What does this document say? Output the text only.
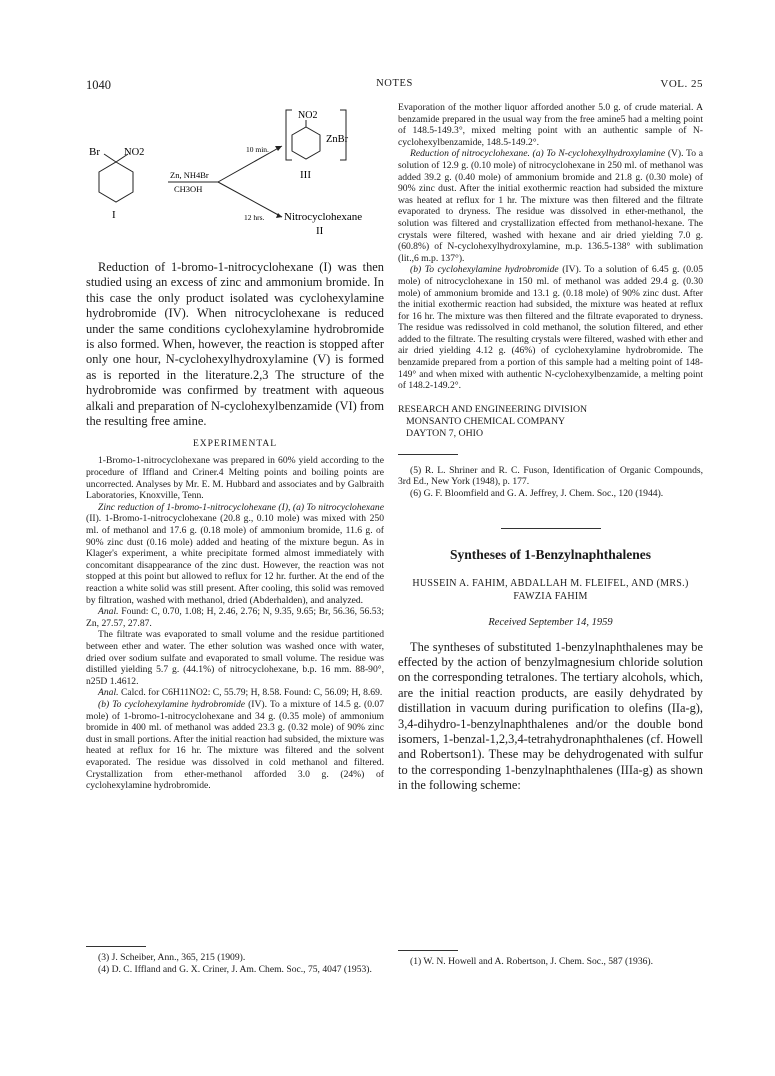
1040	NOTES	VOL. 25
Br NO2
I
Zn, NH4Br
CH3OH
10 min.
12 hrs.
NO2
ZnBr
III
Nitrocyclohexane
II

Reduction of 1-bromo-1-nitrocyclohexane (I) was then studied using an excess of zinc and ammonium bromide. In this case the only product isolated was cyclohexylamine hydrobromide (IV). When nitrocyclohexane is reduced under the same conditions cyclohexylamine hydrobromide is also formed. When, however, the reaction is stopped after only one hour, N-cyclohexylhydroxylamine (V) is formed as is reported in the literature.2,3 The structure of the hydrobromide was confirmed by treatment with aqueous alkali and preparation of N-cyclohexylbenzamide (VI) from the resulting free amine.

EXPERIMENTAL

1-Bromo-1-nitrocyclohexane was prepared in 60% yield according to the procedure of Iffland and Criner.4 Melting points and boiling points are uncorrected. Analyses by Mr. E. M. Hubbard and associates and by Galbraith Laboratories, Knoxville, Tenn.

Zinc reduction of 1-bromo-1-nitrocyclohexane (I), (a) To nitrocyclohexane (II). 1-Bromo-1-nitrocyclohexane (20.8 g., 0.10 mole) was mixed with 250 ml. of methanol and 17.6 g. (0.18 mole) of ammonium bromide, 11.6 g. of 90% zinc dust (0.16 mole) added and heating of the mixture begun. As in Klager's experiment, a white precipitate formed almost immediately with concomitant disappearance of the zinc dust. However, the reaction was not stopped at this point but allowed to reflux for 12 hr. further. At the end of the reaction a white solid was still present. After cooling, this solid was removed by filtration, washed with methanol, dried (Abderhalden), and analyzed.

Anal. Found: C, 0.70, 1.08; H, 2.46, 2.76; N, 9.35, 9.65; Br, 56.36, 56.53; Zn, 27.57, 27.87.

The filtrate was evaporated to small volume and the residue partitioned between ether and water. The ether solution was washed once with water, dried over sodium sulfate and evaporated to small volume. The residue was distilled yielding 5.7 g. (44.1%) of nitrocyclohexane, b.p. 16 mm. 88-90°, n25D 1.4612.

Anal. Calcd. for C6H11NO2: C, 55.79; H, 8.58. Found: C, 56.09; H, 8.69.

(b) To cyclohexylamine hydrobromide (IV). To a mixture of 14.5 g. (0.07 mole) of 1-bromo-1-nitrocyclohexane and 34 g. (0.35 mole) of ammonium bromide in 400 ml. of methanol was added 23.3 g. (0.32 mole) of 90% zinc dust in small portions. After the initial reaction had subsided, the mixture was heated at reflux for 16 hr. The mixture was filtered and the solvent evaporated. The residue was dissolved in cold methanol and filtered. Crystallization from ether-methanol afforded 3.0 g. (24%) of cyclohexylamine hydrobromide.

Evaporation of the mother liquor afforded another 5.0 g. of crude material. A benzamide prepared in the usual way from the free amine5 had a melting point of 148.5-149.3°, mixed melting point with an authentic sample of N-cyclohexylbenzamide, 148.5-149.2°.

Reduction of nitrocyclohexane. (a) To N-cyclohexylhydroxylamine (V). To a solution of 12.9 g. (0.10 mole) of nitrocyclohexane in 250 ml. of methanol was added 39.2 g. (0.40 mole) of ammonium bromide and 21.8 g. (0.30 mole) of 90% zinc dust. After the initial exothermic reaction had subsided the mixture was heated at reflux for 1 hr. The mixture was then filtered and the filtrate evaporated to dryness. The residue was dissolved in ether-methanol, the solution was filtered and crystallization effected from methanol-hexane. The crystals were filtered, washed with hexane and air dried yielding 7.0 g. (60.8%) of N-cyclohexylhydroxylamine, m.p. 136.5-138° with sublimation (lit.,6 m.p. 137°).

(b) To cyclohexylamine hydrobromide (IV). To a solution of 6.45 g. (0.05 mole) of nitrocyclohexane in 150 ml. of methanol was added 29.4 g. (0.30 mole) of ammonium bromide and 13.1 g. (0.18 mole) of 90% zinc dust. After the initial exothermic reaction had subsided, the mixture was heated at reflux for 16 hr. The mixture was then filtered and the filtrate evaporated to dryness. The residue was redissolved in cold methanol, the solution filtered, and ether added to the filtrate. The resulting crystals were filtered, washed with ether and air dried yielding 4.12 g. (46%) of cyclohexylamine hydrobromide. The benzamide prepared from a portion of this sample had a melting point of 148-149° and when mixed with authentic N-cyclohexylbenzamide, a melting point of 148.2-149.2°.

RESEARCH AND ENGINEERING DIVISION
MONSANTO CHEMICAL COMPANY
DAYTON 7, OHIO

(5) R. L. Shriner and R. C. Fuson, Identification of Organic Compounds, 3rd Ed., New York (1948), p. 177.

(6) G. F. Bloomfield and G. A. Jeffrey, J. Chem. Soc., 120 (1944).

Syntheses of 1-Benzylnaphthalenes
HUSSEIN A. FAHIM, ABDALLAH M. FLEIFEL, AND (MRS.) FAWZIA FAHIM
Received September 14, 1959

The syntheses of substituted 1-benzylnaphthalenes may be effected by the action of benzylmagnesium chloride solution on the corresponding tetralones. The tertiary alcohols, which, are the initial reaction products, are easily dehydrated by distillation in vacuum during purification to olefins (IIa-g), 3,4-dihydro-1-benzylnaphthalenes and/or the double bond isomers, 1-benzal-1,2,3,4-tetrahydronaphthalenes (cf. Howell and Robertson1). These may be dehydrogenated with sulfur to the corresponding 1-benzylnaphthalenes (IIIa-g) as shown in the following scheme:

(3) J. Scheiber, Ann., 365, 215 (1909).

(4) D. C. Iffland and G. X. Criner, J. Am. Chem. Soc., 75, 4047 (1953).

(1) W. N. Howell and A. Robertson, J. Chem. Soc., 587 (1936).
